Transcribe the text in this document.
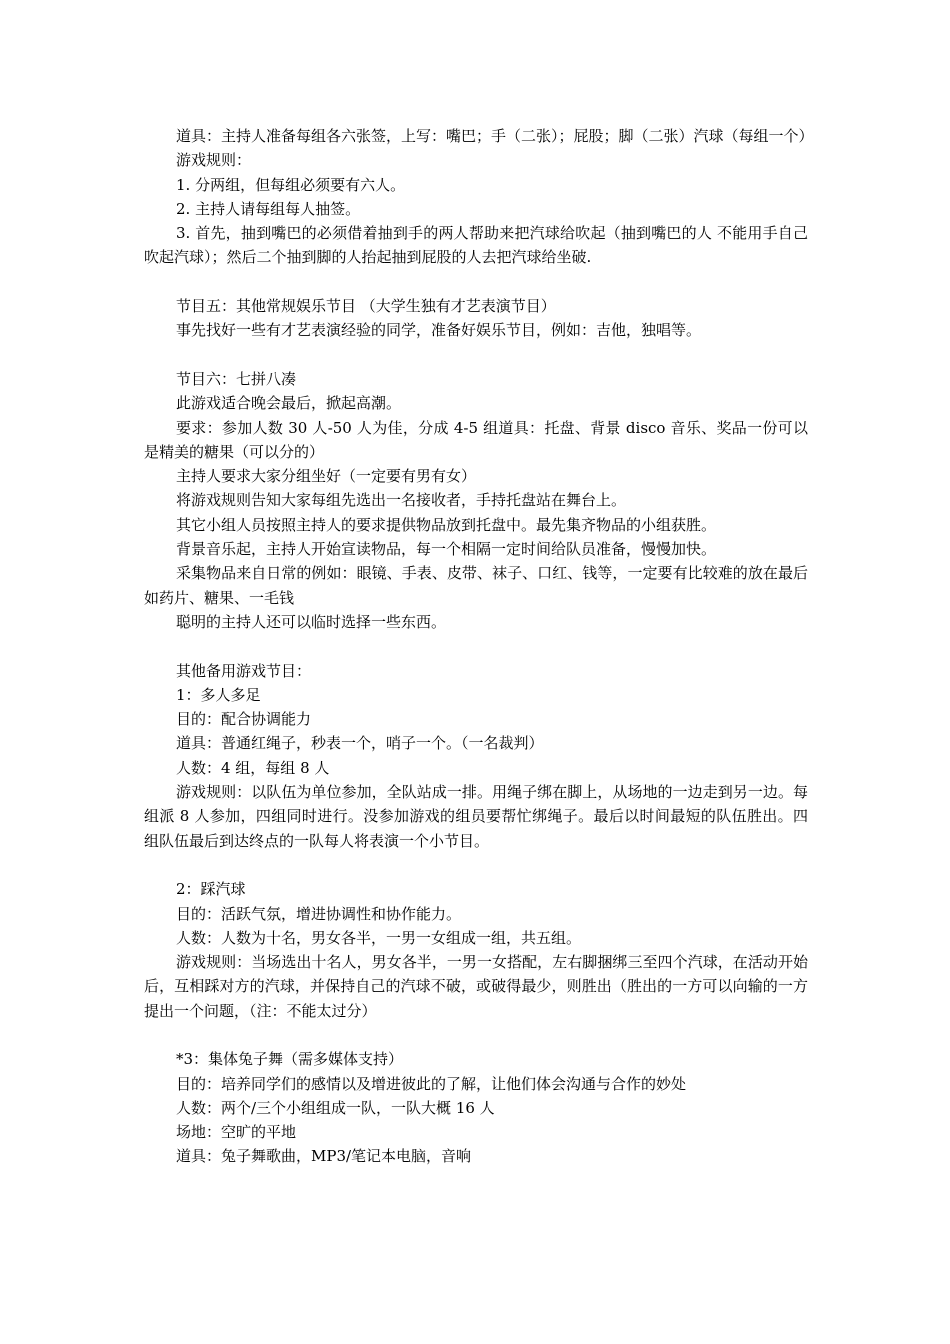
道具：主持人准备每组各六张签，上写：嘴巴；手（二张）；屁股；脚（二张）汽球（每组一个）

游戏规则：

1. 分两组，但每组必须要有六人。

2. 主持人请每组每人抽签。

3. 首先，抽到嘴巴的必须借着抽到手的两人帮助来把汽球给吹起（抽到嘴巴的人 不能用手自己吹起汽球）；然后二个抽到脚的人抬起抽到屁股的人去把汽球给坐破.

节目五：其他常规娱乐节目 （大学生独有才艺表演节目）

事先找好一些有才艺表演经验的同学，准备好娱乐节目，例如：吉他，独唱等。

节目六：七拼八凑

此游戏适合晚会最后，掀起高潮。

要求：参加人数 30 人-50 人为佳，分成 4-5 组道具：托盘、背景 disco 音乐、奖品一份可以是精美的糖果（可以分的）

主持人要求大家分组坐好（一定要有男有女）

将游戏规则告知大家每组先选出一名接收者，手持托盘站在舞台上。

其它小组人员按照主持人的要求提供物品放到托盘中。最先集齐物品的小组获胜。

背景音乐起，主持人开始宣读物品，每一个相隔一定时间给队员准备，慢慢加快。

采集物品来自日常的例如：眼镜、手表、皮带、袜子、口红、钱等，一定要有比较难的放在最后如药片、糖果、一毛钱

聪明的主持人还可以临时选择一些东西。

其他备用游戏节目：

1：多人多足

目的：配合协调能力

道具：普通红绳子，秒表一个，哨子一个。（一名裁判）

人数：4 组，每组 8 人

游戏规则：以队伍为单位参加，全队站成一排。用绳子绑在脚上，从场地的一边走到另一边。每组派 8 人参加，四组同时进行。没参加游戏的组员要帮忙绑绳子。最后以时间最短的队伍胜出。四组队伍最后到达终点的一队每人将表演一个小节目。

2：踩汽球

目的：活跃气氛，增进协调性和协作能力。

人数：人数为十名，男女各半，一男一女组成一组，共五组。

游戏规则：当场选出十名人，男女各半，一男一女搭配，左右脚捆绑三至四个汽球，在活动开始后，互相踩对方的汽球，并保持自己的汽球不破，或破得最少，则胜出（胜出的一方可以向输的一方提出一个问题，（注：不能太过分）

*3：集体兔子舞（需多媒体支持）

目的：培养同学们的感情以及增进彼此的了解，让他们体会沟通与合作的妙处

人数：两个/三个小组组成一队，一队大概 16 人

场地：空旷的平地

道具：兔子舞歌曲，MP3/笔记本电脑，音响
